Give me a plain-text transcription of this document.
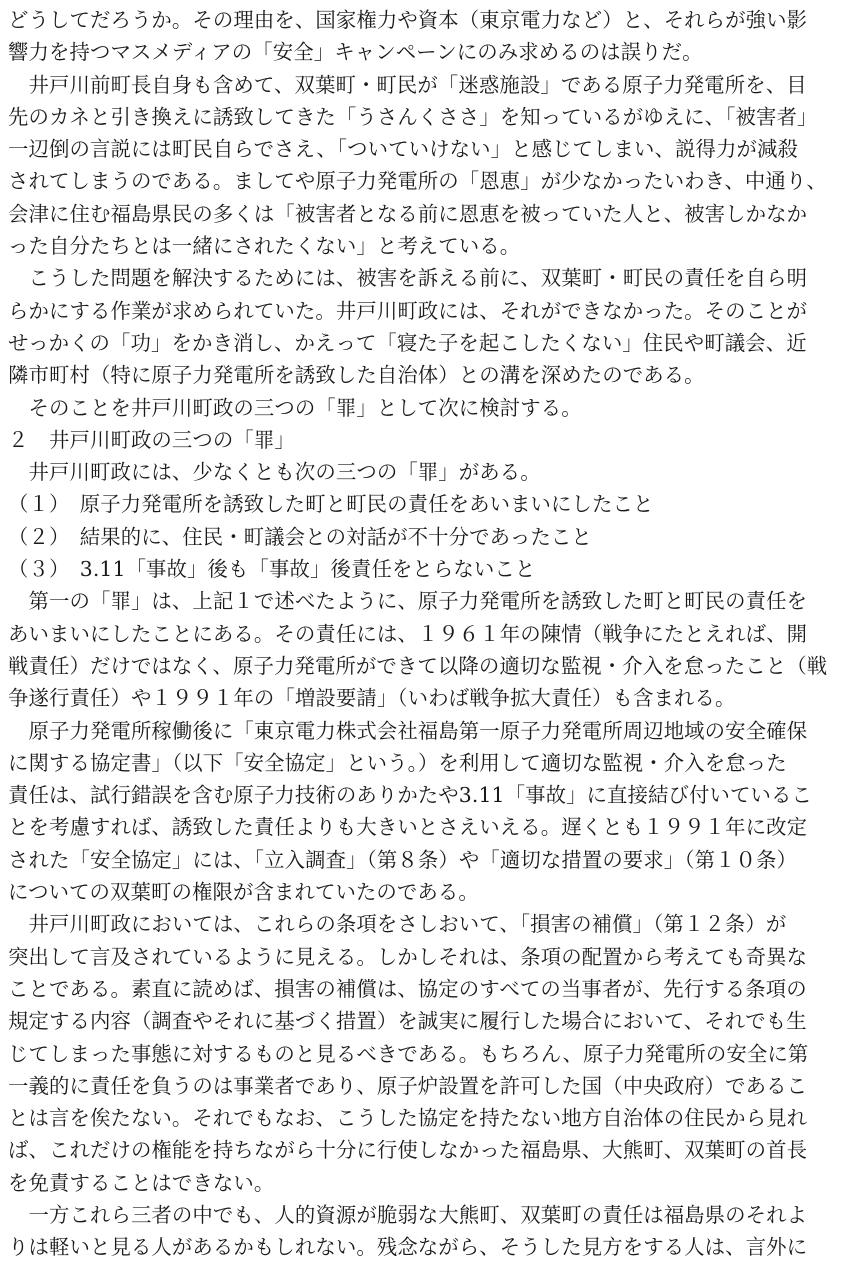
どうしてだろうか。その理由を、国家権力や資本（東京電力など）と、それらが強い影
響力を持つマスメディアの「安全」キャンペーンにのみ求めるのは誤りだ。
　井戸川前町長自身も含めて、双葉町・町民が「迷惑施設」である原子力発電所を、目
先のカネと引き換えに誘致してきた「うさんくささ」を知っているがゆえに、「被害者」
一辺倒の言説には町民自らでさえ、「ついていけない」と感じてしまい、説得力が減殺
されてしまうのである。ましてや原子力発電所の「恩恵」が少なかったいわき、中通り、
会津に住む福島県民の多くは「被害者となる前に恩恵を被っていた人と、被害しかなか
った自分たちとは一緒にされたくない」と考えている。
　こうした問題を解決するためには、被害を訴える前に、双葉町・町民の責任を自ら明
らかにする作業が求められていた。井戸川町政には、それができなかった。そのことが
せっかくの「功」をかき消し、かえって「寝た子を起こしたくない」住民や町議会、近
隣市町村（特に原子力発電所を誘致した自治体）との溝を深めたのである。
　そのことを井戸川町政の三つの「罪」として次に検討する。
２　井戸川町政の三つの「罪」
　井戸川町政には、少なくとも次の三つの「罪」がある。
（１）　原子力発電所を誘致した町と町民の責任をあいまいにしたこと
（２）　結果的に、住民・町議会との対話が不十分であったこと
（３）　3.11「事故」後も「事故」後責任をとらないこと
　第一の「罪」は、上記１で述べたように、原子力発電所を誘致した町と町民の責任を
あいまいにしたことにある。その責任には、１９６１年の陳情（戦争にたとえれば、開
戦責任）だけではなく、原子力発電所ができて以降の適切な監視・介入を怠ったこと（戦
争遂行責任）や１９９１年の「増設要請」（いわば戦争拡大責任）も含まれる。
　原子力発電所稼働後に「東京電力株式会社福島第一原子力発電所周辺地域の安全確保
に関する協定書」（以下「安全協定」という。）を利用して適切な監視・介入を怠った
責任は、試行錯誤を含む原子力技術のありかたや3.11「事故」に直接結び付いているこ
とを考慮すれば、誘致した責任よりも大きいとさえいえる。遅くとも１９９１年に改定
された「安全協定」には、「立入調査」（第８条）や「適切な措置の要求」（第１０条）
についての双葉町の権限が含まれていたのである。
　井戸川町政においては、これらの条項をさしおいて、「損害の補償」（第１２条）が
突出して言及されているように見える。しかしそれは、条項の配置から考えても奇異な
ことである。素直に読めば、損害の補償は、協定のすべての当事者が、先行する条項の
規定する内容（調査やそれに基づく措置）を誠実に履行した場合において、それでも生
じてしまった事態に対するものと見るべきである。もちろん、原子力発電所の安全に第
一義的に責任を負うのは事業者であり、原子炉設置を許可した国（中央政府）であるこ
とは言を俟たない。それでもなお、こうした協定を持たない地方自治体の住民から見れ
ば、これだけの権能を持ちながら十分に行使しなかった福島県、大熊町、双葉町の首長
を免責することはできない。
　一方これら三者の中でも、人的資源が脆弱な大熊町、双葉町の責任は福島県のそれよ
りは軽いと見る人があるかもしれない。残念ながら、そうした見方をする人は、言外に
